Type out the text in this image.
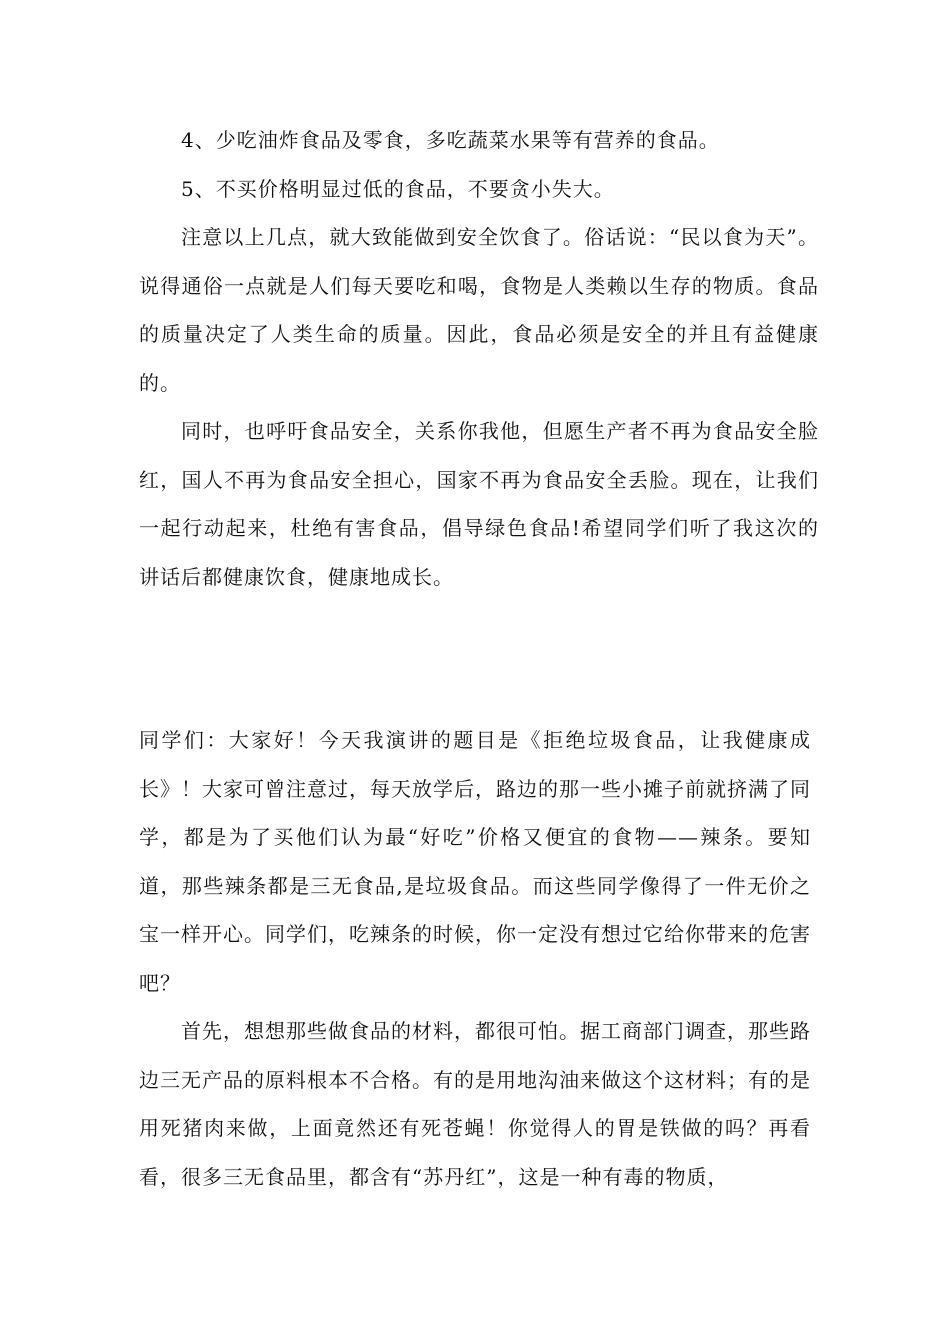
4、少吃油炸食品及零食，多吃蔬菜水果等有营养的食品。

5、不买价格明显过低的食品，不要贪小失大。

注意以上几点，就大致能做到安全饮食了。俗话说：“民以食为天”。说得通俗一点就是人们每天要吃和喝，食物是人类赖以生存的物质。食品的质量决定了人类生命的质量。因此，食品必须是安全的并且有益健康的。

同时，也呼吁食品安全，关系你我他，但愿生产者不再为食品安全脸红，国人不再为食品安全担心，国家不再为食品安全丢脸。现在，让我们一起行动起来，杜绝有害食品，倡导绿色食品!希望同学们听了我这次的讲话后都健康饮食，健康地成长。

同学们：大家好！今天我演讲的题目是《拒绝垃圾食品，让我健康成长》！大家可曾注意过，每天放学后，路边的那一些小摊子前就挤满了同学，都是为了买他们认为最“好吃”价格又便宜的食物——辣条。要知道，那些辣条都是三无食品,是垃圾食品。而这些同学像得了一件无价之宝一样开心。同学们，吃辣条的时候，你一定没有想过它给你带来的危害吧？

首先，想想那些做食品的材料，都很可怕。据工商部门调查，那些路边三无产品的原料根本不合格。有的是用地沟油来做这个这材料；有的是用死猪肉来做，上面竟然还有死苍蝇！你觉得人的胃是铁做的吗？再看看，很多三无食品里，都含有“苏丹红”，这是一种有毒的物质，
